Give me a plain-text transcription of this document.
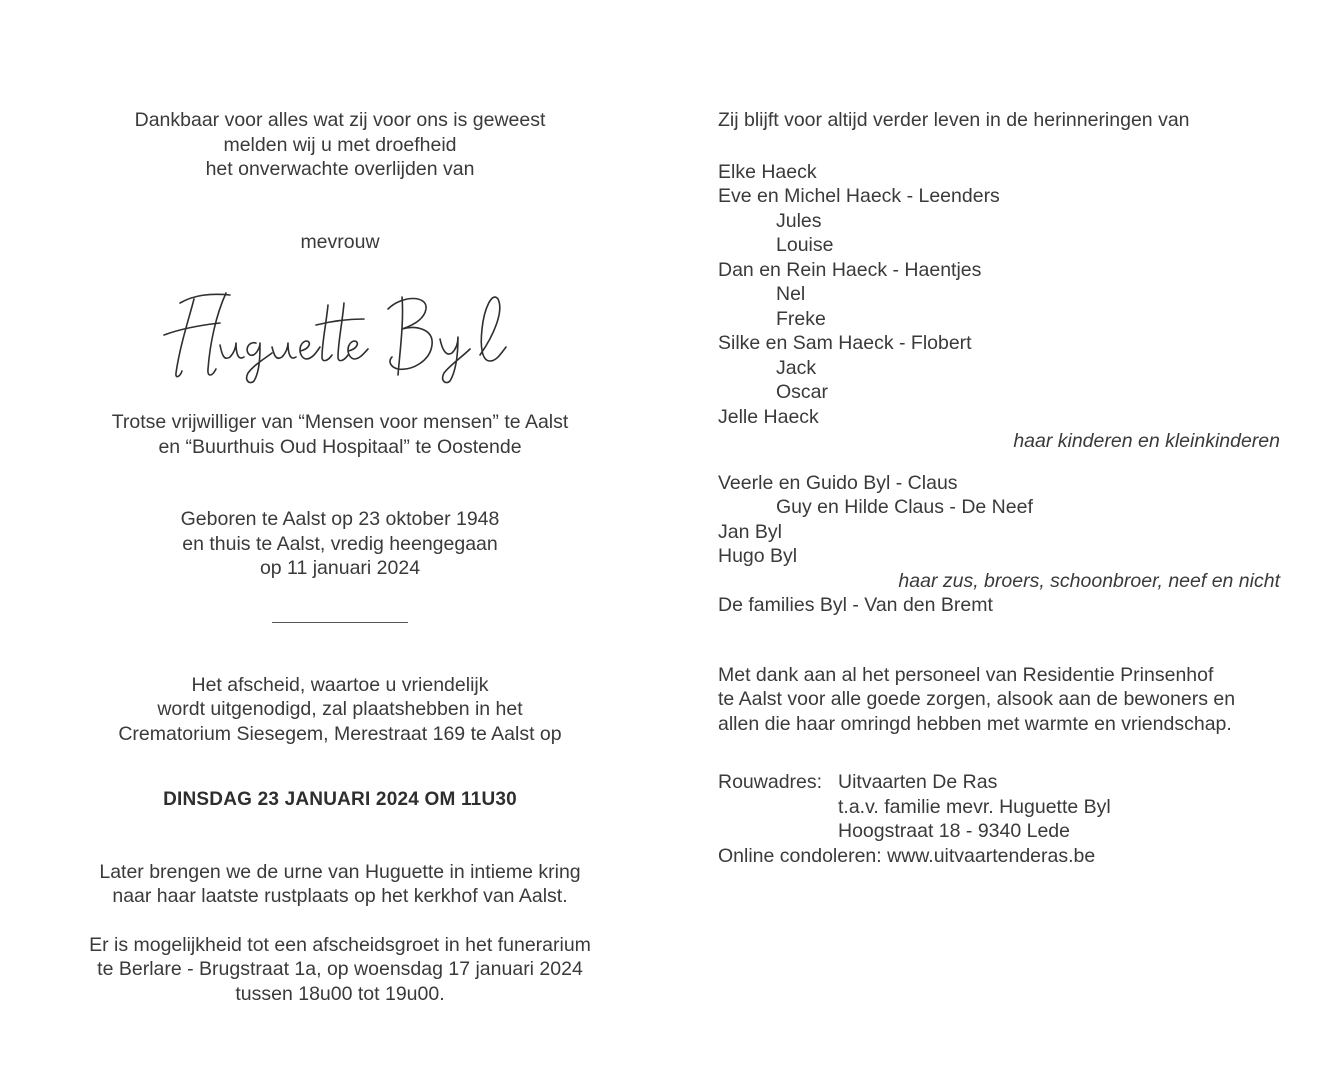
Dankbaar voor alles wat zij voor ons is geweest

melden wij u met droefheid

het onverwachte overlijden van

mevrouw

Trotse vrijwilliger van “Mensen voor mensen” te Aalst

en “Buurthuis Oud Hospitaal” te Oostende

Geboren te Aalst op 23 oktober 1948

en thuis te Aalst, vredig heengegaan

op 11 januari 2024

Het afscheid, waartoe u vriendelijk

wordt uitgenodigd, zal plaatshebben in het

Crematorium Siesegem, Merestraat 169 te Aalst op

DINSDAG 23 JANUARI 2024 OM 11U30

Later brengen we de urne van Huguette in intieme kring

naar haar laatste rustplaats op het kerkhof van Aalst.

Er is mogelijkheid tot een afscheidsgroet in het funerarium

te Berlare - Brugstraat 1a, op woensdag 17 januari 2024

tussen 18u00 tot 19u00.

Zij blijft voor altijd verder leven in de herinneringen van

Elke Haeck

Eve en Michel Haeck - Leenders

Jules

Louise

Dan en Rein Haeck - Haentjes

Nel

Freke

Silke en Sam Haeck - Flobert

Jack

Oscar

Jelle Haeck

haar kinderen en kleinkinderen

Veerle en Guido Byl - Claus

Guy en Hilde Claus - De Neef

Jan Byl

Hugo Byl

haar zus, broers, schoonbroer, neef en nicht

De families Byl - Van den Bremt

Met dank aan al het personeel van Residentie Prinsenhof

te Aalst voor alle goede zorgen, alsook aan de bewoners en

allen die haar omringd hebben met warmte en vriendschap.

Rouwadres: Uitvaarten De Ras

t.a.v. familie mevr. Huguette Byl

Hoogstraat 18 - 9340 Lede

Online condoleren: www.uitvaartenderas.be
